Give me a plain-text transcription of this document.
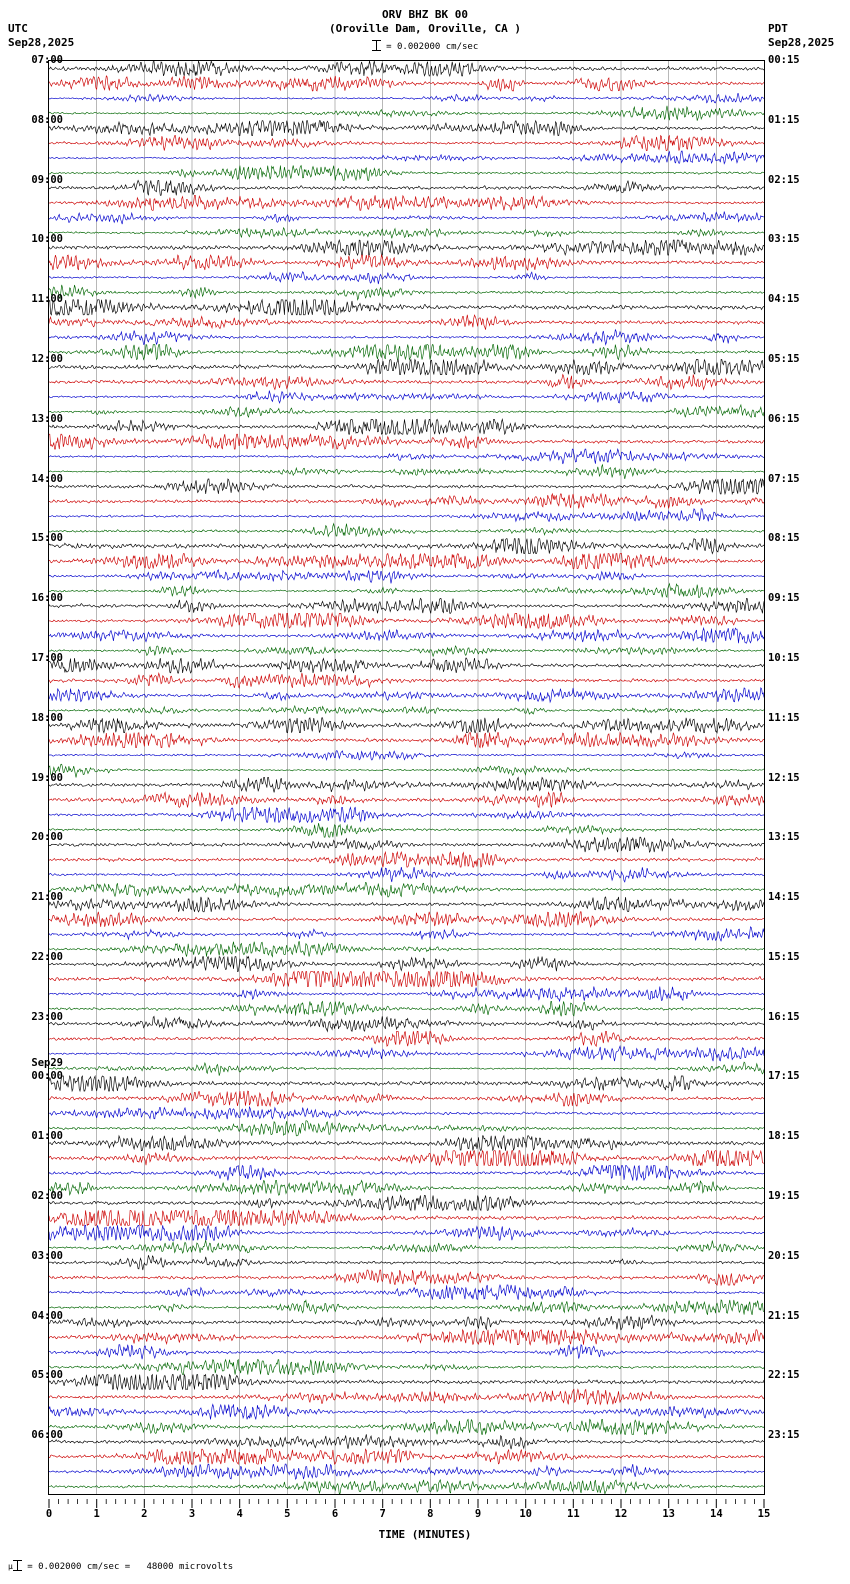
ORV BHZ BK 00
(Oroville Dam, Oroville, CA )
UTC
Sep28,2025
PDT
Sep28,2025
= 0.002000 cm/sec
07:00
08:00
09:00
10:00
11:00
12:00
13:00
14:00
15:00
16:00
17:00
18:00
19:00
20:00
21:00
22:00
23:00
00:00
01:00
02:00
03:00
04:00
05:00
06:00
Sep29
00:15
01:15
02:15
03:15
04:15
05:15
06:15
07:15
08:15
09:15
10:15
11:15
12:15
13:15
14:15
15:15
16:15
17:15
18:15
19:15
20:15
21:15
22:15
23:15
0	1	2	3	4	5	6	7	8	9	10	11	12	13	14	15
TIME (MINUTES)
μ = 0.002000 cm/sec =   48000 microvolts
